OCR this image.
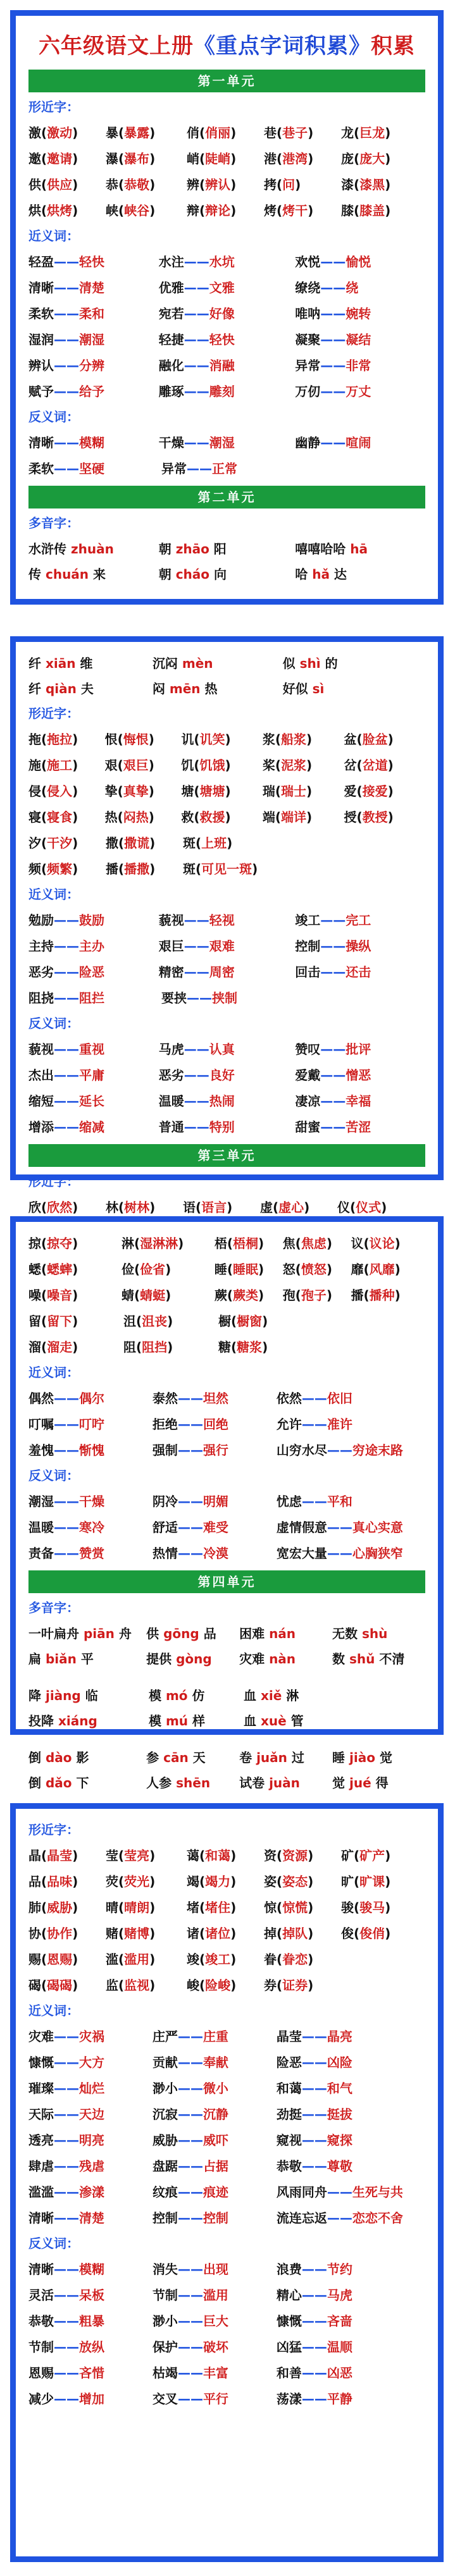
六年级语文上册《重点字词积累》积累
第一单元
形近字：
激(激动)	暴(暴露)	俏(俏丽)	巷(巷子)	龙(巨龙)
邀(邀请)	瀑(瀑布)	峭(陡峭)	港(港湾)	庞(庞大)
供(供应)	恭(恭敬)	辨(辨认)	拷(问)	漆(漆黑)
烘(烘烤)	峡(峡谷)	辩(辩论)	烤(烤干)	膝(膝盖)
近义词：
轻盈——轻快	水注——水坑	欢悦——愉悦
清晰——清楚	优雅——文雅	缭绕——绕
柔软——柔和	宛若——好像	唯呐——婉转
湿润——潮湿	轻捷——轻快	凝聚——凝结
辨认——分辨	融化——消融	异常——非常
赋予——给予	雕琢——雕刻	万仞——万丈
反义词：
清晰——模糊	干燥——潮湿	幽静——喧闹
柔软——坚硬	异常——正常
第二单元
多音字：
水浒传 zhuàn	朝 zhāo 阳	嘻嘻哈哈 hā
传 chuán 来	朝 cháo 向	哈 hǎ 达
纤 xiān 维	沉闷 mèn	似 shì 的
纤 qiàn 夫	闷 mēn 热	好似 sì
形近字：
拖(拖拉)	恨(悔恨)	讥(讥笑)	浆(船浆)	盆(脸盆)
施(施工)	艰(艰巨)	饥(饥饿)	桨(泥浆)	岔(岔道)
侵(侵入)	挚(真挚)	塘(塘塘)	瑞(瑞士)	爱(接爱)
寝(寝食)	热(闷热)	救(救援)	端(端详)	授(教授)
汐(干汐)	撒(撒谎)	斑(上班)
频(频繁)	播(播撒)	斑(可见一斑)
近义词：
勉励——鼓励	藐视——轻视	竣工——完工
主持——主办	艰巨——艰难	控制——操纵
恶劣——险恶	精密——周密	回击——还击
阻挠——阻拦	要挟——挟制
反义词：
藐视——重视	马虎——认真	赞叹——批评
杰出——平庸	恶劣——良好	爱戴——憎恶
缩短——延长	温暖——热闹	凄凉——幸福
增添——缩减	普通——特别	甜蜜——苦涩
第三单元
形近字：
欣(欣然)	林(树林)	语(语言)	虚(虚心)	仪(仪式)
掠(掠夺)	淋(湿淋淋)	梧(梧桐)	焦(焦虑)	议(议论)
蟋(蟋蟀)	俭(俭省)	睡(睡眠)	怒(愤怒)	靡(风靡)
噪(噪音)	蜻(蜻蜓)	蕨(蕨类)	孢(孢子)	播(播种)
留(留下)	沮(沮丧)	橱(橱窗)
溜(溜走)	阻(阻挡)	糖(糖浆)
近义词：
偶然——偶尔	泰然——坦然	依然——依旧
叮嘱——叮咛	拒绝——回绝	允许——准许
羞愧——惭愧	强制——强行	山穷水尽——穷途末路
反义词：
潮湿——干燥	阴冷——明媚	忧虑——平和
温暖——寒冷	舒适——难受	虚情假意——真心实意
责备——赞赏	热情——冷漠	宽宏大量——心胸狭窄
第四单元
多音字：
一叶扁舟 piān 舟	供 gōng 品	困难 nán	无数 shù
扁 biǎn 平	提供 gòng	灾难 nàn	数 shǔ 不清
降 jiàng 临	模 mó 仿	血 xiě 淋
投降 xiáng	模 mú 样	血 xuè 管
倒 dào 影	参 cān 天	卷 juǎn 过	睡 jiào 觉
倒 dǎo 下	人参 shēn	试卷 juàn	觉 jué 得
形近字：
晶(晶莹)	莹(莹亮)	蔼(和蔼)	资(资源)	矿(矿产)
品(品味)	荧(荧光)	竭(竭力)	姿(姿态)	旷(旷课)
肺(威胁)	晴(晴朗)	堵(堵住)	惊(惊慌)	骏(骏马)
协(协作)	赌(赌博)	诸(诸位)	掉(掉队)	俊(俊俏)
赐(恩赐)	滥(滥用)	竣(竣工)	眷(眷恋)
碣(碣碣)	监(监视)	峻(险峻)	券(证券)
近义词：
灾难——灾祸	庄严——庄重	晶莹——晶亮
慷慨——大方	贡献——奉献	险恶——凶险
璀璨——灿烂	渺小——微小	和蔼——和气
天际——天边	沉寂——沉静	劲挺——挺拔
透亮——明亮	威胁——威吓	窥视——窥探
肆虐——残虐	盘踞——占据	恭敬——尊敬
滥滥——渗漾	纹痕——痕迹	风雨同舟——生死与共
清晰——清楚	控制——控制	流连忘返——恋恋不舍
反义词：
清晰——模糊	消失——出现	浪费——节约
灵活——呆板	节制——滥用	精心——马虎
恭敬——粗暴	渺小——巨大	慷慨——吝啬
节制——放纵	保护——破坏	凶猛——温顺
恩赐——吝惜	枯竭——丰富	和善——凶恶
减少——增加	交叉——平行	荡漾——平静
